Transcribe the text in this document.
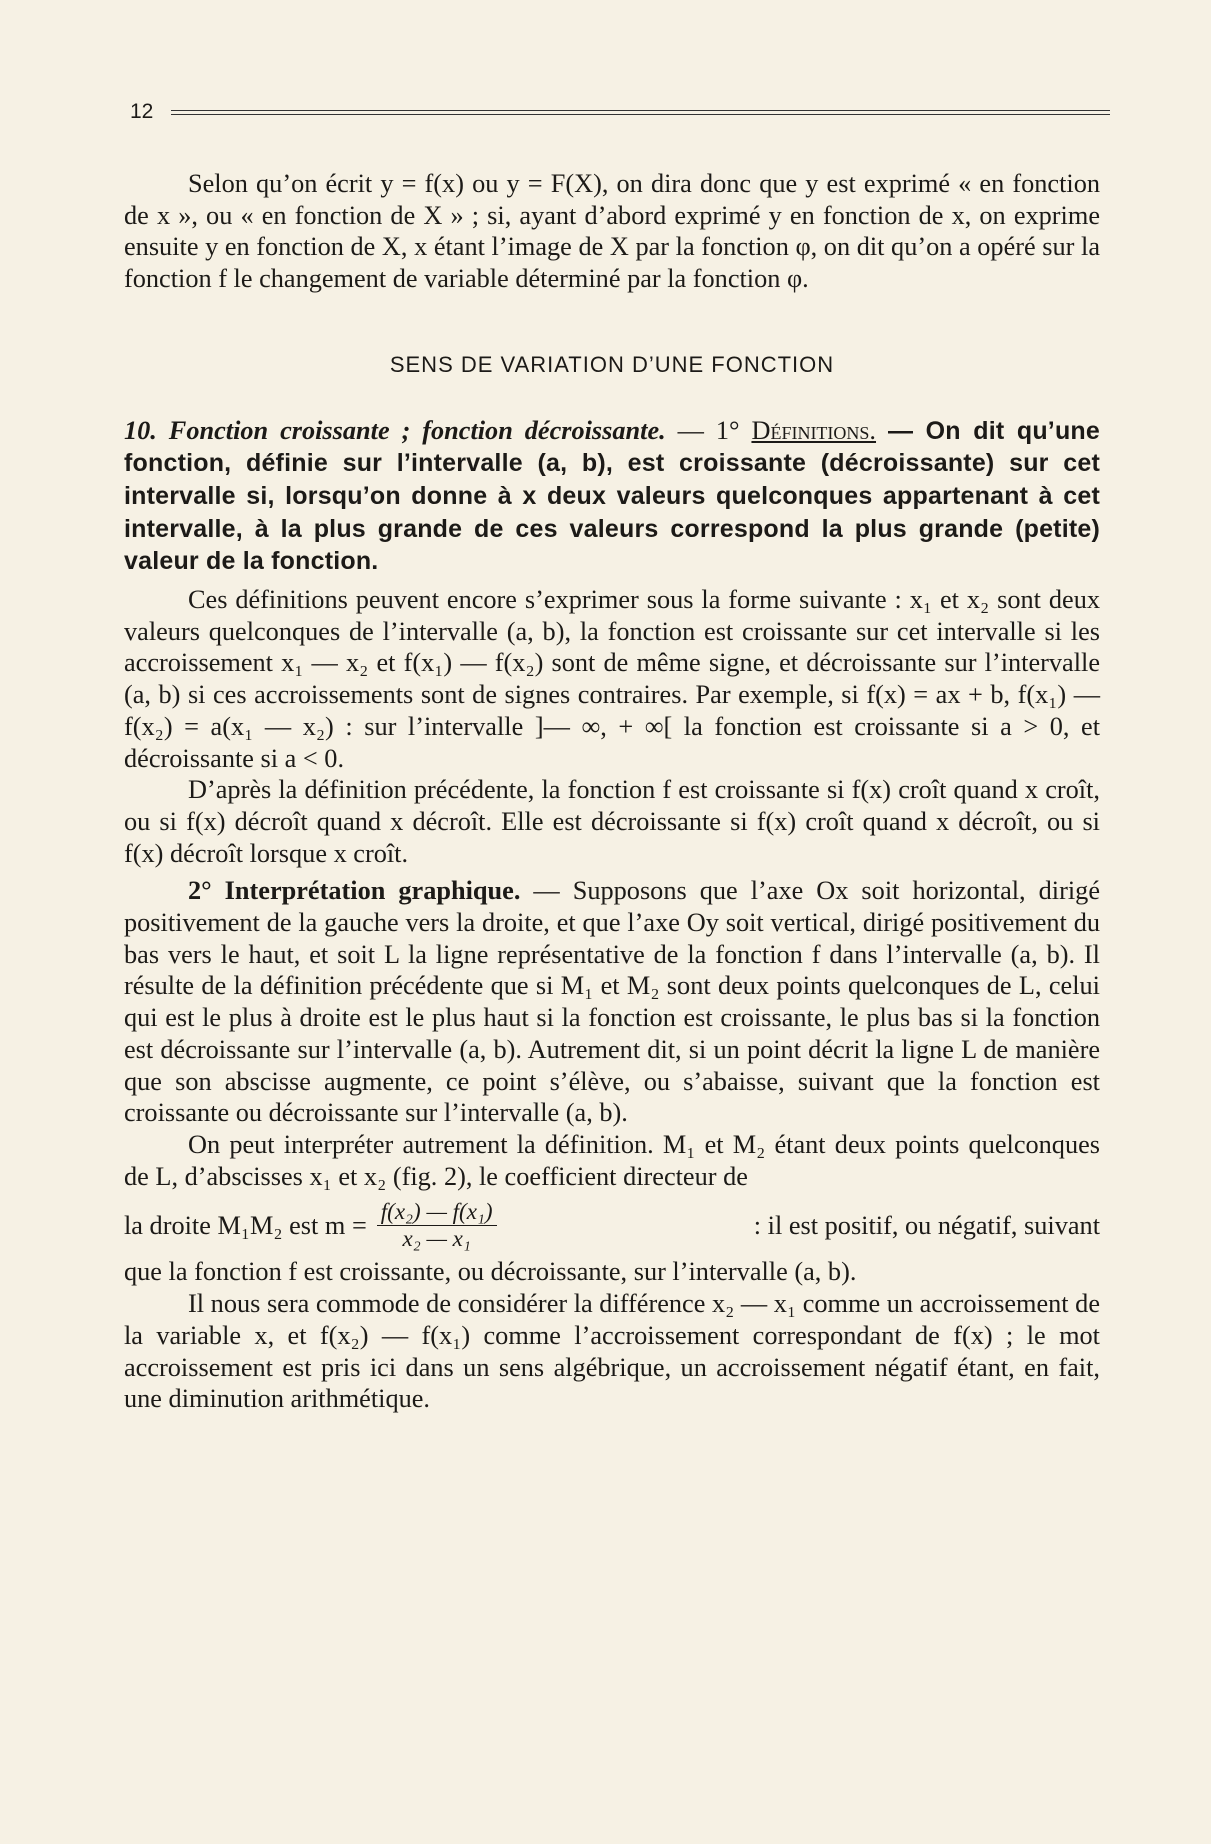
12

Selon qu’on écrit y = f(x) ou y = F(X), on dira donc que y est exprimé « en fonction de x », ou « en fonction de X » ; si, ayant d’abord exprimé y en fonction de x, on exprime ensuite y en fonction de X, x étant l’image de X par la fonction φ, on dit qu’on a opéré sur la fonction f le changement de variable déterminé par la fonction φ.

SENS DE VARIATION D’UNE FONCTION

10. Fonction croissante ; fonction décroissante. — 1° Définitions. — On dit qu’une fonction, définie sur l’intervalle (a, b), est croissante (décroissante) sur cet intervalle si, lorsqu’on donne à x deux valeurs quelconques appartenant à cet intervalle, à la plus grande de ces valeurs correspond la plus grande (petite) valeur de la fonction.

Ces définitions peuvent encore s’exprimer sous la forme suivante : x₁ et x₂ sont deux valeurs quelconques de l’intervalle (a, b), la fonction est croissante sur cet intervalle si les accroissement x₁ — x₂ et f(x₁) — f(x₂) sont de même signe, et décroissante sur l’intervalle (a, b) si ces accroissements sont de signes contraires. Par exemple, si f(x) = ax + b, f(x₁) — f(x₂) = a(x₁ — x₂) : sur l’intervalle ]— ∞, + ∞[ la fonction est croissante si a > 0, et décroissante si a < 0.

D’après la définition précédente, la fonction f est croissante si f(x) croît quand x croît, ou si f(x) décroît quand x décroît. Elle est décroissante si f(x) croît quand x décroît, ou si f(x) décroît lorsque x croît.

2° Interprétation graphique. — Supposons que l’axe Ox soit horizontal, dirigé positivement de la gauche vers la droite, et que l’axe Oy soit vertical, dirigé positivement du bas vers le haut, et soit L la ligne représentative de la fonction f dans l’intervalle (a, b). Il résulte de la définition précédente que si M₁ et M₂ sont deux points quelconques de L, celui qui est le plus à droite est le plus haut si la fonction est croissante, le plus bas si la fonction est décroissante sur l’intervalle (a, b). Autrement dit, si un point décrit la ligne L de manière que son abscisse augmente, ce point s’élève, ou s’abaisse, suivant que la fonction est croissante ou décroissante sur l’intervalle (a, b).

On peut interpréter autrement la définition. M₁ et M₂ étant deux points quelconques de L, d’abscisses x₁ et x₂ (fig. 2), le coefficient directeur de

la droite M₁M₂ est $m = \frac{\text{f(x₂) — f(x₁)}}{\text{x₂ — x₁}}$	: il est positif, ou négatif, suivant

que la fonction f est croissante, ou décroissante, sur l’intervalle (a, b).

Il nous sera commode de considérer la différence x₂ — x₁ comme un accroissement de la variable x, et f(x₂) — f(x₁) comme l’accroissement correspondant de f(x) ; le mot accroissement est pris ici dans un sens algébrique, un accroissement négatif étant, en fait, une diminution arithmétique.
